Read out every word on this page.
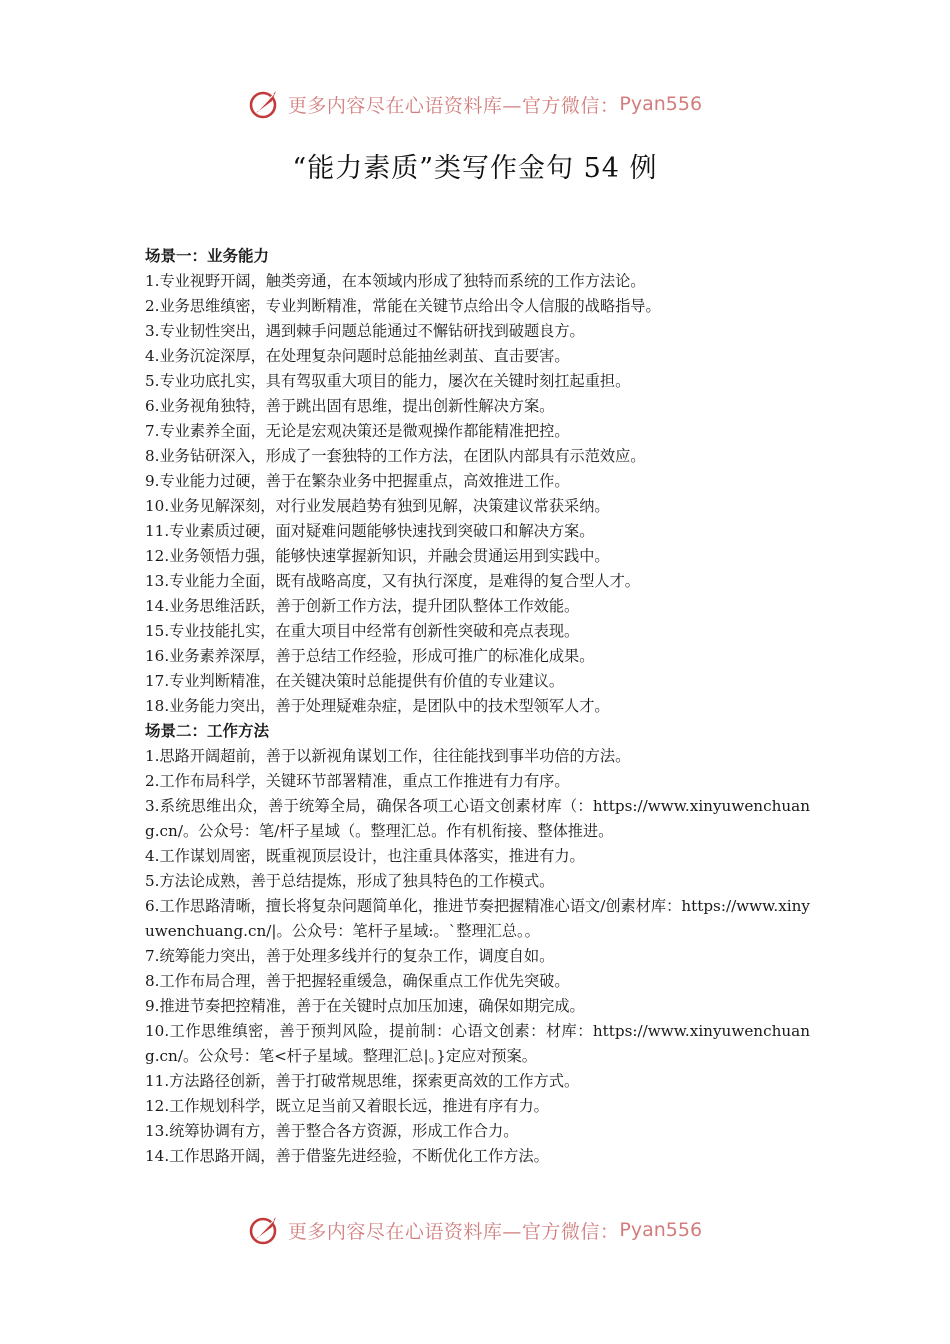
更多内容尽在心语资料库—官方微信： Pyan556
“能力素质”类写作金句 54 例
场景一：业务能力
1.专业视野开阔，触类旁通，在本领域内形成了独特而系统的工作方法论。
2.业务思维缜密，专业判断精准，常能在关键节点给出令人信服的战略指导。
3.专业韧性突出，遇到棘手问题总能通过不懈钻研找到破题良方。
4.业务沉淀深厚，在处理复杂问题时总能抽丝剥茧、直击要害。
5.专业功底扎实，具有驾驭重大项目的能力，屡次在关键时刻扛起重担。
6.业务视角独特，善于跳出固有思维，提出创新性解决方案。
7.专业素养全面，无论是宏观决策还是微观操作都能精准把控。
8.业务钻研深入，形成了一套独特的工作方法，在团队内部具有示范效应。
9.专业能力过硬，善于在繁杂业务中把握重点，高效推进工作。
10.业务见解深刻，对行业发展趋势有独到见解，决策建议常获采纳。
11.专业素质过硬，面对疑难问题能够快速找到突破口和解决方案。
12.业务领悟力强，能够快速掌握新知识，并融会贯通运用到实践中。
13.专业能力全面，既有战略高度，又有执行深度，是难得的复合型人才。
14.业务思维活跃，善于创新工作方法，提升团队整体工作效能。
15.专业技能扎实，在重大项目中经常有创新性突破和亮点表现。
16.业务素养深厚，善于总结工作经验，形成可推广的标准化成果。
17.专业判断精准，在关键决策时总能提供有价值的专业建议。
18.业务能力突出，善于处理疑难杂症，是团队中的技术型领军人才。
场景二：工作方法
1.思路开阔超前，善于以新视角谋划工作，往往能找到事半功倍的方法。
2.工作布局科学，关键环节部署精准，重点工作推进有力有序。
3.系统思维出众，善于统筹全局，确保各项工心语文创素材库（：https://www.xinyuwenchuang.cn/。公众号：笔/杆子星域（。整理汇总。作有机衔接、整体推进。
4.工作谋划周密，既重视顶层设计，也注重具体落实，推进有力。
5.方法论成熟，善于总结提炼，形成了独具特色的工作模式。
6.工作思路清晰，擅长将复杂问题简单化，推进节奏把握精准心语文/创素材库：https://www.xinyuwenchuang.cn/|。公众号：笔杆子星域:。`整理汇总。。
7.统筹能力突出，善于处理多线并行的复杂工作，调度自如。
8.工作布局合理，善于把握轻重缓急，确保重点工作优先突破。
9.推进节奏把控精准，善于在关键时点加压加速，确保如期完成。
10.工作思维缜密，善于预判风险，提前制：心语文创素：材库：https://www.xinyuwenchuang.cn/。公众号：笔<杆子星域。整理汇总|。}定应对预案。
11.方法路径创新，善于打破常规思维，探索更高效的工作方式。
12.工作规划科学，既立足当前又着眼长远，推进有序有力。
13.统筹协调有方，善于整合各方资源，形成工作合力。
14.工作思路开阔，善于借鉴先进经验，不断优化工作方法。
更多内容尽在心语资料库—官方微信： Pyan556
